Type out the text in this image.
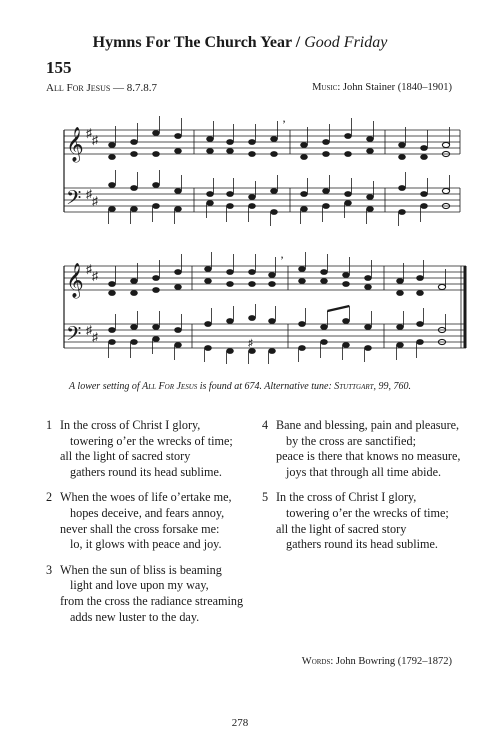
Hymns For The Church Year / Good Friday
155
All For Jesus — 8.7.8.7	Music: John Stainer (1840–1901)
𝄞
𝄢
♯ ♯
♯ ♯
’
𝄞
𝄢
♯ ♯
♯ ♯
’
♯
A lower setting of All For Jesus is found at 674. Alternative tune: Stuttgart, 99, 760.
1 In the cross of Christ I glory,
towering o’er the wrecks of time;
all the light of sacred story
gathers round its head sublime.
2 When the woes of life o’ertake me,
hopes deceive, and fears annoy,
never shall the cross forsake me:
lo, it glows with peace and joy.
3 When the sun of bliss is beaming
light and love upon my way,
from the cross the radiance streaming
adds new luster to the day.
4 Bane and blessing, pain and pleasure,
by the cross are sanctified;
peace is there that knows no measure,
joys that through all time abide.
5 In the cross of Christ I glory,
towering o’er the wrecks of time;
all the light of sacred story
gathers round its head sublime.
Words: John Bowring (1792–1872)
278
